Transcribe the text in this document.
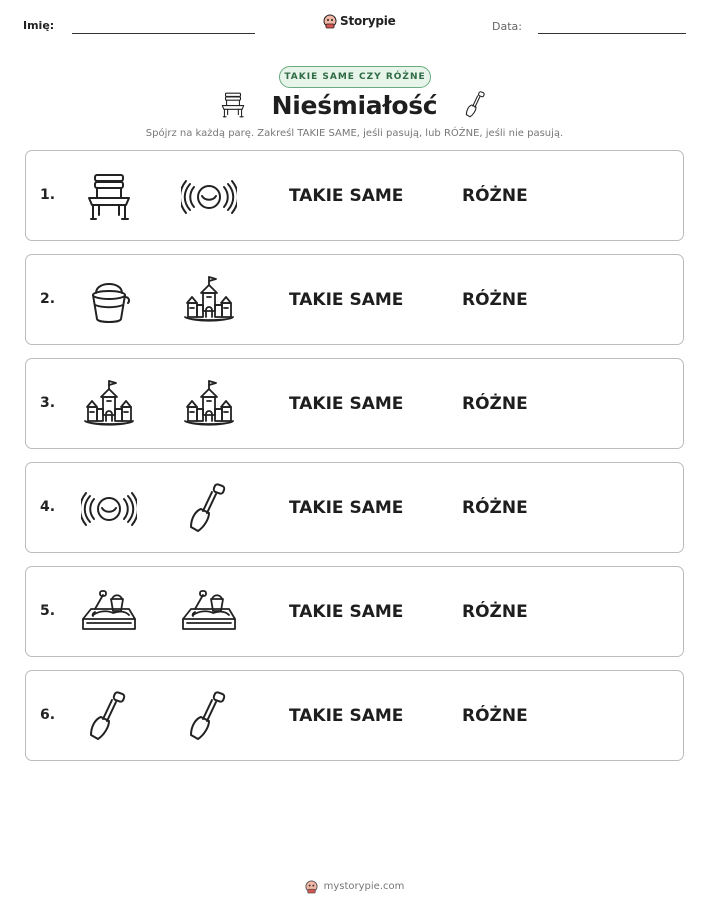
Imię:	Storypie	Data:
TAKIE SAME CZY RÓŻNE
Nieśmiałość
Spójrz na każdą parę. Zakreśl TAKIE SAME, jeśli pasują, lub RÓŻNE, jeśli nie pasują.
1.	TAKIE SAME	RÓŻNE
2.	TAKIE SAME	RÓŻNE
3.	TAKIE SAME	RÓŻNE
4.	TAKIE SAME	RÓŻNE
5.	TAKIE SAME	RÓŻNE
6.	TAKIE SAME	RÓŻNE
mystorypie.com
